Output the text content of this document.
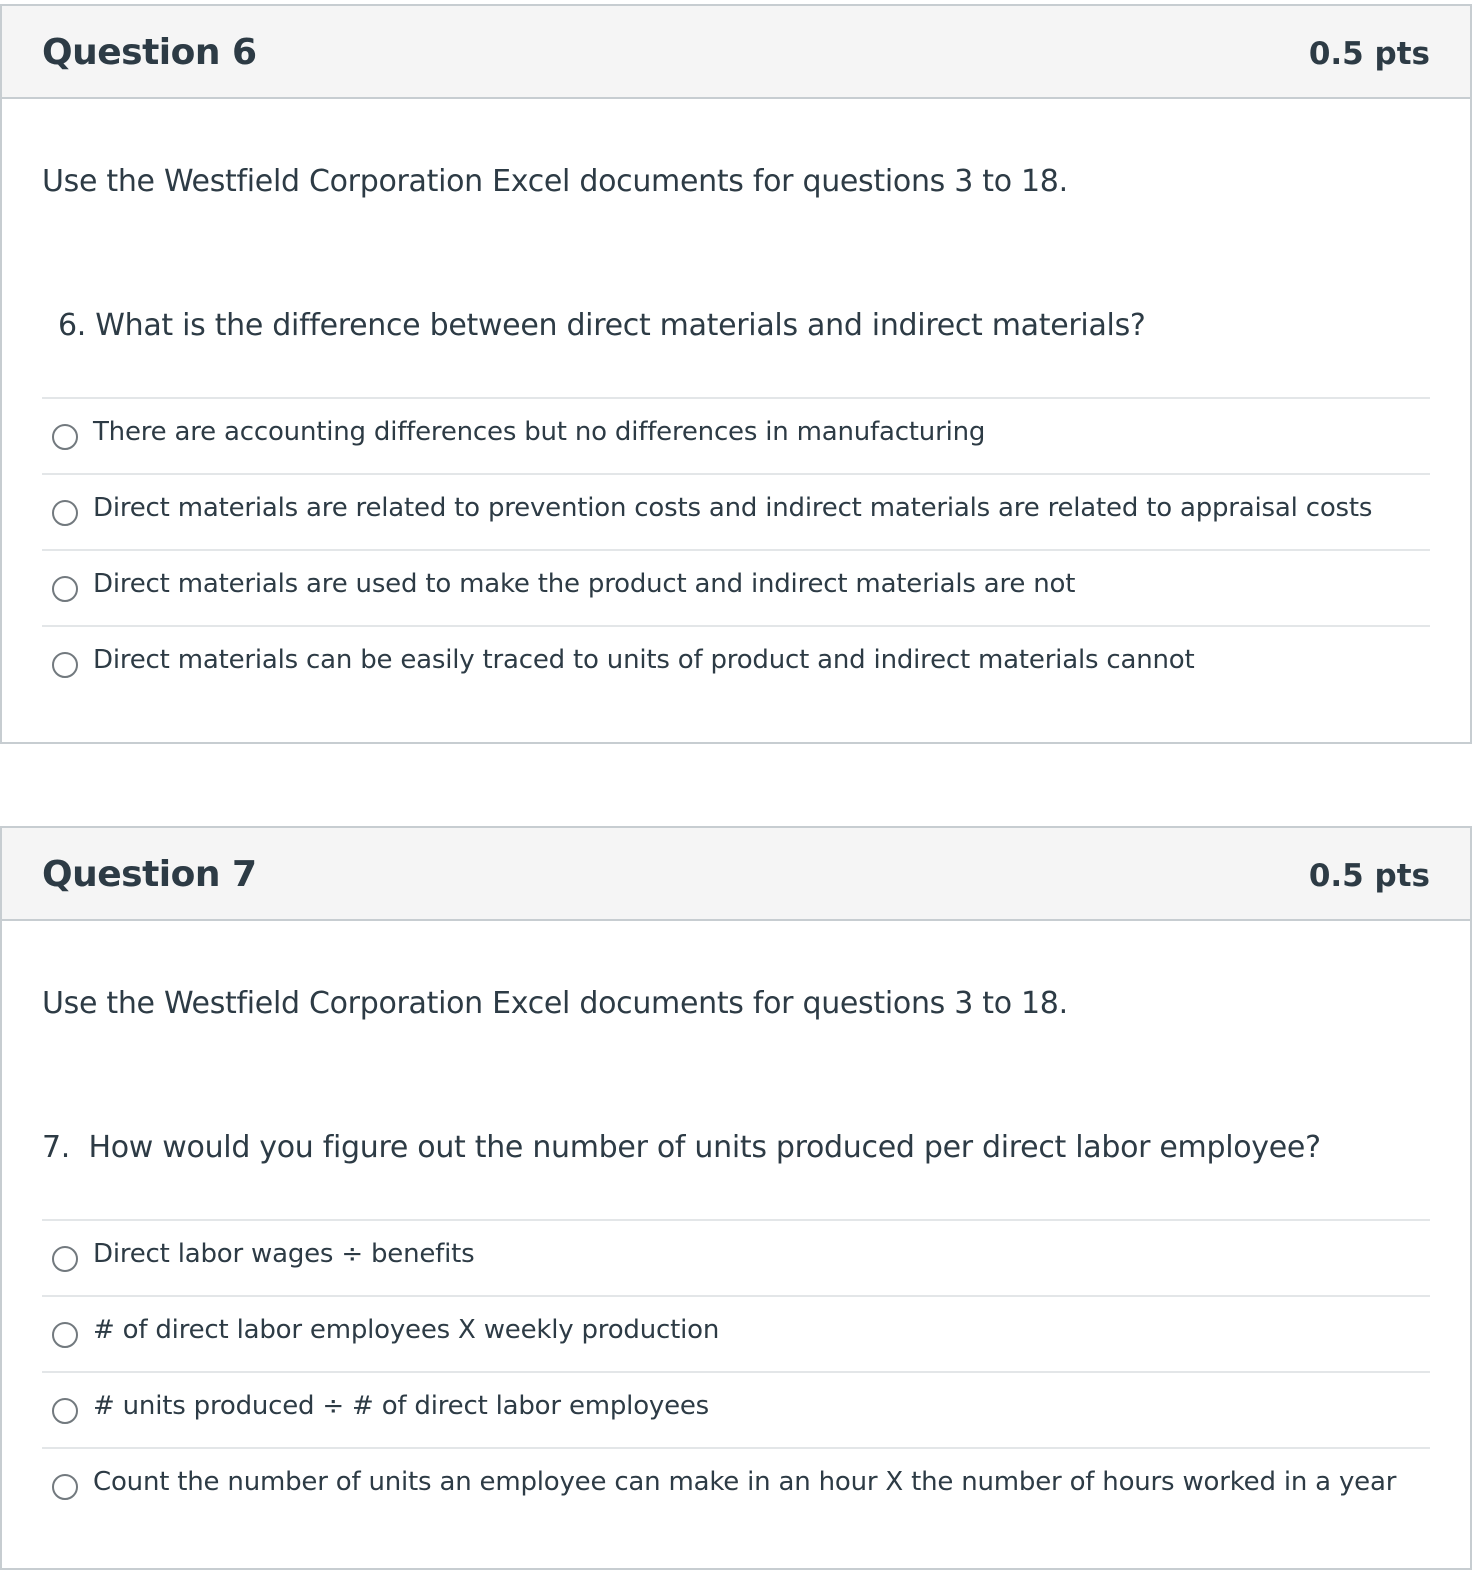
Question 6	0.5 pts
Use the Westfield Corporation Excel documents for questions 3 to 18.
6. What is the difference between direct materials and indirect materials?
There are accounting differences but no differences in manufacturing
Direct materials are related to prevention costs and indirect materials are related to appraisal costs
Direct materials are used to make the product and indirect materials are not
Direct materials can be easily traced to units of product and indirect materials cannot
Question 7	0.5 pts
Use the Westfield Corporation Excel documents for questions 3 to 18.
7.  How would you figure out the number of units produced per direct labor employee?
Direct labor wages ÷ benefits
# of direct labor employees X weekly production
# units produced ÷ # of direct labor employees
Count the number of units an employee can make in an hour X the number of hours worked in a year
